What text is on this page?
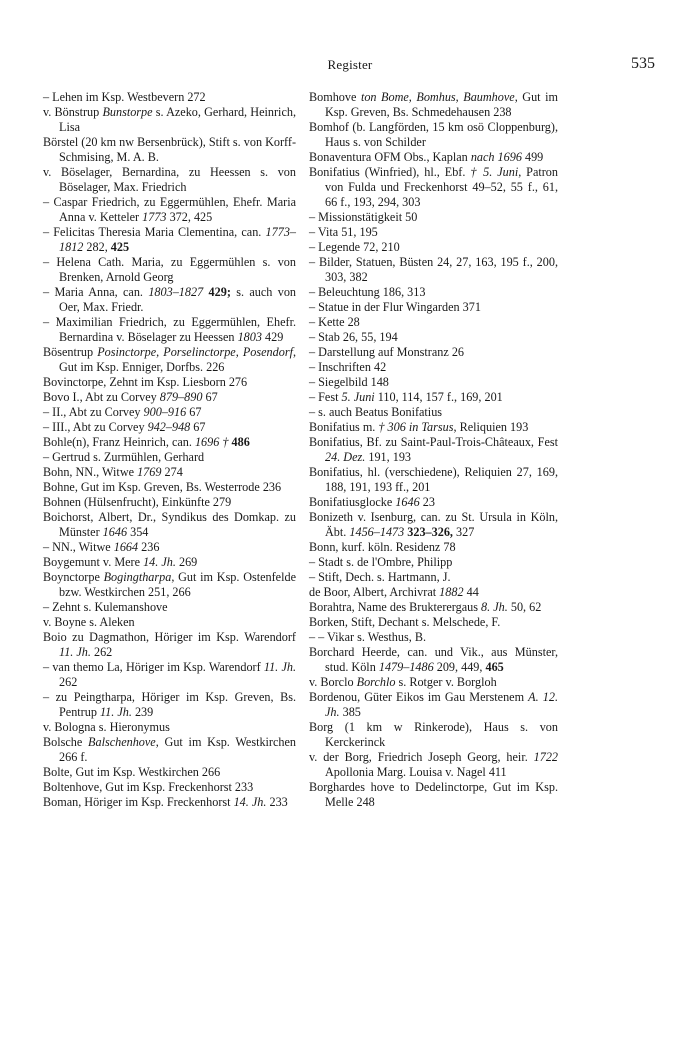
Register	535

– Lehen im Ksp. Westbevern 272

v. Bönstrup Bunstorpe s. Azeko, Gerhard, Heinrich, Lisa

Börstel (20 km nw Bersenbrück), Stift s. von Korff-Schmising, M. A. B.

v. Böselager, Bernardina, zu Heessen s. von Böselager, Max. Friedrich

– Caspar Friedrich, zu Eggermühlen, Ehefr. Maria Anna v. Ketteler 1773 372, 425

– Felicitas Theresia Maria Clementina, can. 1773–1812 282, 425

– Helena Cath. Maria, zu Eggermühlen s. von Brenken, Arnold Georg

– Maria Anna, can. 1803–1827 429; s. auch von Oer, Max. Friedr.

– Maximilian Friedrich, zu Eggermühlen, Ehefr. Bernardina v. Böselager zu Heessen 1803 429

Bösentrup Posinctorpe, Porselinctorpe, Posendorf, Gut im Ksp. Enniger, Dorfbs. 226

Bovinctorpe, Zehnt im Ksp. Liesborn 276

Bovo I., Abt zu Corvey 879–890 67

– II., Abt zu Corvey 900–916 67

– III., Abt zu Corvey 942–948 67

Bohle(n), Franz Heinrich, can. 1696 † 486

– Gertrud s. Zurmühlen, Gerhard

Bohn, NN., Witwe 1769 274

Bohne, Gut im Ksp. Greven, Bs. Westerrode 236

Bohnen (Hülsenfrucht), Einkünfte 279

Boichorst, Albert, Dr., Syndikus des Domkap. zu Münster 1646 354

– NN., Witwe 1664 236

Boygemunt v. Mere 14. Jh. 269

Boynctorpe Bogingtharpa, Gut im Ksp. Ostenfelde bzw. Westkirchen 251, 266

– Zehnt s. Kulemanshove

v. Boyne s. Aleken

Boio zu Dagmathon, Höriger im Ksp. Warendorf 11. Jh. 262

– van themo La, Höriger im Ksp. Warendorf 11. Jh. 262

– zu Peingtharpa, Höriger im Ksp. Greven, Bs. Pentrup 11. Jh. 239

v. Bologna s. Hieronymus

Bolsche Balschenhove, Gut im Ksp. Westkirchen 266 f.

Bolte, Gut im Ksp. Westkirchen 266

Boltenhove, Gut im Ksp. Freckenhorst 233

Boman, Höriger im Ksp. Freckenhorst 14. Jh. 233

Bomhove ton Bome, Bomhus, Baumhove, Gut im Ksp. Greven, Bs. Schmedehausen 238

Bomhof (b. Langförden, 15 km osö Cloppenburg), Haus s. von Schilder

Bonaventura OFM Obs., Kaplan nach 1696 499

Bonifatius (Winfried), hl., Ebf. † 5. Juni, Patron von Fulda und Freckenhorst 49–52, 55 f., 61, 66 f., 193, 294, 303

– Missionstätigkeit 50

– Vita 51, 195

– Legende 72, 210

– Bilder, Statuen, Büsten 24, 27, 163, 195 f., 200, 303, 382

– Beleuchtung 186, 313

– Statue in der Flur Wingarden 371

– Kette 28

– Stab 26, 55, 194

– Darstellung auf Monstranz 26

– Inschriften 42

– Siegelbild 148

– Fest 5. Juni 110, 114, 157 f., 169, 201

– s. auch Beatus Bonifatius

Bonifatius m. † 306 in Tarsus, Reliquien 193

Bonifatius, Bf. zu Saint-Paul-Trois-Châteaux, Fest 24. Dez. 191, 193

Bonifatius, hl. (verschiedene), Reliquien 27, 169, 188, 191, 193 ff., 201

Bonifatiusglocke 1646 23

Bonizeth v. Isenburg, can. zu St. Ursula in Köln, Äbt. 1456–1473 323–326, 327

Bonn, kurf. köln. Residenz 78

– Stadt s. de l'Ombre, Philipp

– Stift, Dech. s. Hartmann, J.

de Boor, Albert, Archivrat 1882 44

Borahtra, Name des Brukterergaus 8. Jh. 50, 62

Borken, Stift, Dechant s. Melschede, F.

– – Vikar s. Westhus, B.

Borchard Heerde, can. und Vik., aus Münster, stud. Köln 1479–1486 209, 449, 465

v. Borclo Borchlo s. Rotger v. Borgloh

Bordenou, Güter Eikos im Gau Merstenem A. 12. Jh. 385

Borg (1 km w Rinkerode), Haus s. von Kerckerinck

v. der Borg, Friedrich Joseph Georg, heir. 1722 Apollonia Marg. Louisa v. Nagel 411

Borghardes hove to Dedelinctorpe, Gut im Ksp. Melle 248
